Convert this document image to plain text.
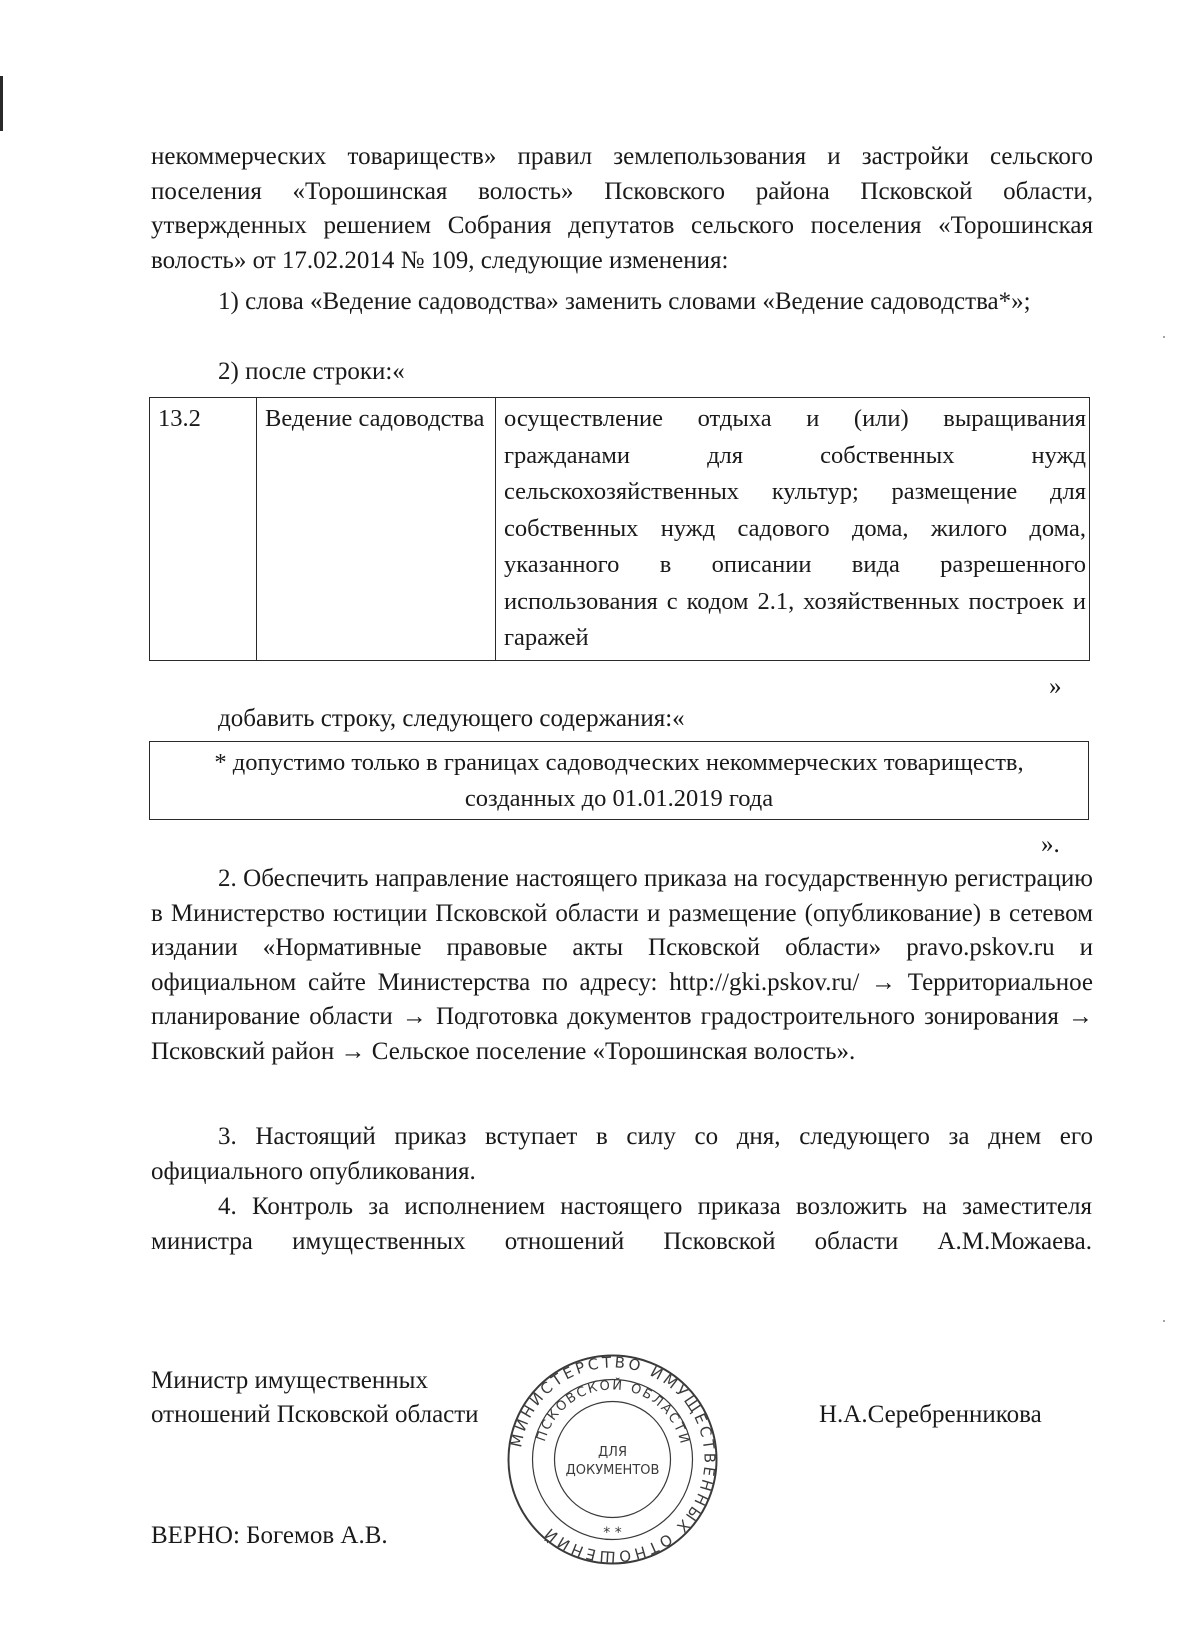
некоммерческих товариществ» правил землепользования и застройки сельского поселения «Торошинская волость» Псковского района Псковской области, утвержденных решением Собрания депутатов сельского поселения «Торошинская волость» от 17.02.2014 № 109, следующие изменения:

1) слова «Ведение садоводства» заменить словами «Ведение садоводства*»;

2) после строки:«
13.2	Ведение садоводства	осуществление отдыха и (или) выращивания гражданами для собственных нужд сельскохозяйственных культур; размещение для собственных нужд садового дома, жилого дома, указанного в описании вида разрешенного использования с кодом 2.1, хозяйственных построек и гаражей
»
добавить строку, следующего содержания:«
* допустимо только в границах садоводческих некоммерческих товариществ,
созданных до 01.01.2019 года
».

2. Обеспечить направление настоящего приказа на государственную регистрацию в Министерство юстиции Псковской области и размещение (опубликование) в сетевом издании «Нормативные правовые акты Псковской области» pravo.pskov.ru и официальном сайте Министерства по адресу: http://gki.pskov.ru/ → Территориальное планирование области → Подготовка документов градостроительного зонирования → Псковский район → Сельское поселение «Торошинская волость».

3. Настоящий приказ вступает в силу со дня, следующего за днем его официального опубликования.

4. Контроль за исполнением настоящего приказа возложить на заместителя министра имущественных отношений Псковской области А.М.Можаева.

Министр имущественных
отношений Псковской области	Н.А.Серебренникова
ВЕРНО: Богемов А.В.
МИНИСТЕРСТВО ИМУЩЕСТВЕННЫХ ОТНОШЕНИЙ
ПСКОВСКОЙ ОБЛАСТИ
ДЛЯ
ДОКУМЕНТОВ
* *
